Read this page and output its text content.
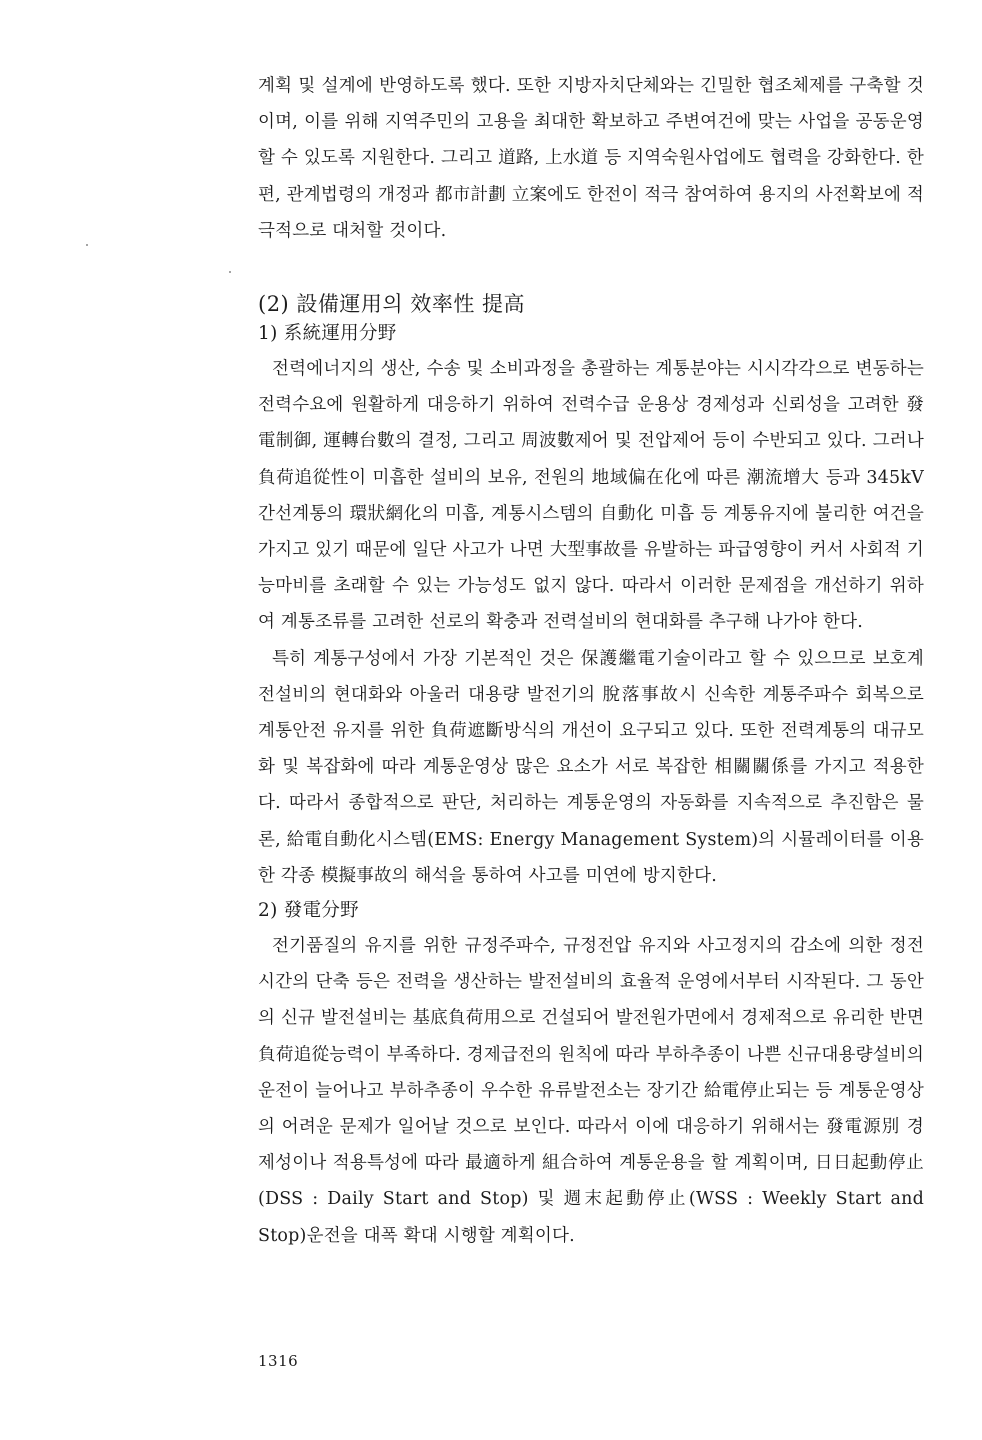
계획 및 설계에 반영하도록 했다. 또한 지방자치단체와는 긴밀한 협조체제를 구축할 것이며, 이를 위해 지역주민의 고용을 최대한 확보하고 주변여건에 맞는 사업을 공동운영할 수 있도록 지원한다. 그리고 道路, 上水道 등 지역숙원사업에도 협력을 강화한다. 한편, 관계법령의 개정과 都市計劃 立案에도 한전이 적극 참여하여 용지의 사전확보에 적극적으로 대처할 것이다.

(2) 設備運用의 效率性 提高
1) 系統運用分野

전력에너지의 생산, 수송 및 소비과정을 총괄하는 계통분야는 시시각각으로 변동하는 전력수요에 원활하게 대응하기 위하여 전력수급 운용상 경제성과 신뢰성을 고려한 發電制御, 運轉台數의 결정, 그리고 周波數제어 및 전압제어 등이 수반되고 있다. 그러나 負荷追從性이 미흡한 설비의 보유, 전원의 地域偏在化에 따른 潮流增大 등과 345kV 간선계통의 環狀網化의 미흡, 계통시스템의 自動化 미흡 등 계통유지에 불리한 여건을 가지고 있기 때문에 일단 사고가 나면 大型事故를 유발하는 파급영향이 커서 사회적 기능마비를 초래할 수 있는 가능성도 없지 않다. 따라서 이러한 문제점을 개선하기 위하여 계통조류를 고려한 선로의 확충과 전력설비의 현대화를 추구해 나가야 한다.

특히 계통구성에서 가장 기본적인 것은 保護繼電기술이라고 할 수 있으므로 보호계전설비의 현대화와 아울러 대용량 발전기의 脫落事故시 신속한 계통주파수 회복으로 계통안전 유지를 위한 負荷遮斷방식의 개선이 요구되고 있다. 또한 전력계통의 대규모화 및 복잡화에 따라 계통운영상 많은 요소가 서로 복잡한 相關關係를 가지고 적용한다. 따라서 종합적으로 판단, 처리하는 계통운영의 자동화를 지속적으로 추진함은 물론, 給電自動化시스템(EMS: Energy Management System)의 시뮬레이터를 이용한 각종 模擬事故의 해석을 통하여 사고를 미연에 방지한다.

2) 發電分野

전기품질의 유지를 위한 규정주파수, 규정전압 유지와 사고정지의 감소에 의한 정전시간의 단축 등은 전력을 생산하는 발전설비의 효율적 운영에서부터 시작된다. 그 동안의 신규 발전설비는 基底負荷用으로 건설되어 발전원가면에서 경제적으로 유리한 반면 負荷追從능력이 부족하다. 경제급전의 원칙에 따라 부하추종이 나쁜 신규대용량설비의 운전이 늘어나고 부하추종이 우수한 유류발전소는 장기간 給電停止되는 등 계통운영상의 어려운 문제가 일어날 것으로 보인다. 따라서 이에 대응하기 위해서는 發電源別 경제성이나 적용특성에 따라 最適하게 組合하여 계통운용을 할 계획이며, 日日起動停止(DSS : Daily Start and Stop) 및 週末起動停止(WSS : Weekly Start and Stop)운전을 대폭 확대 시행할 계획이다.

1316
